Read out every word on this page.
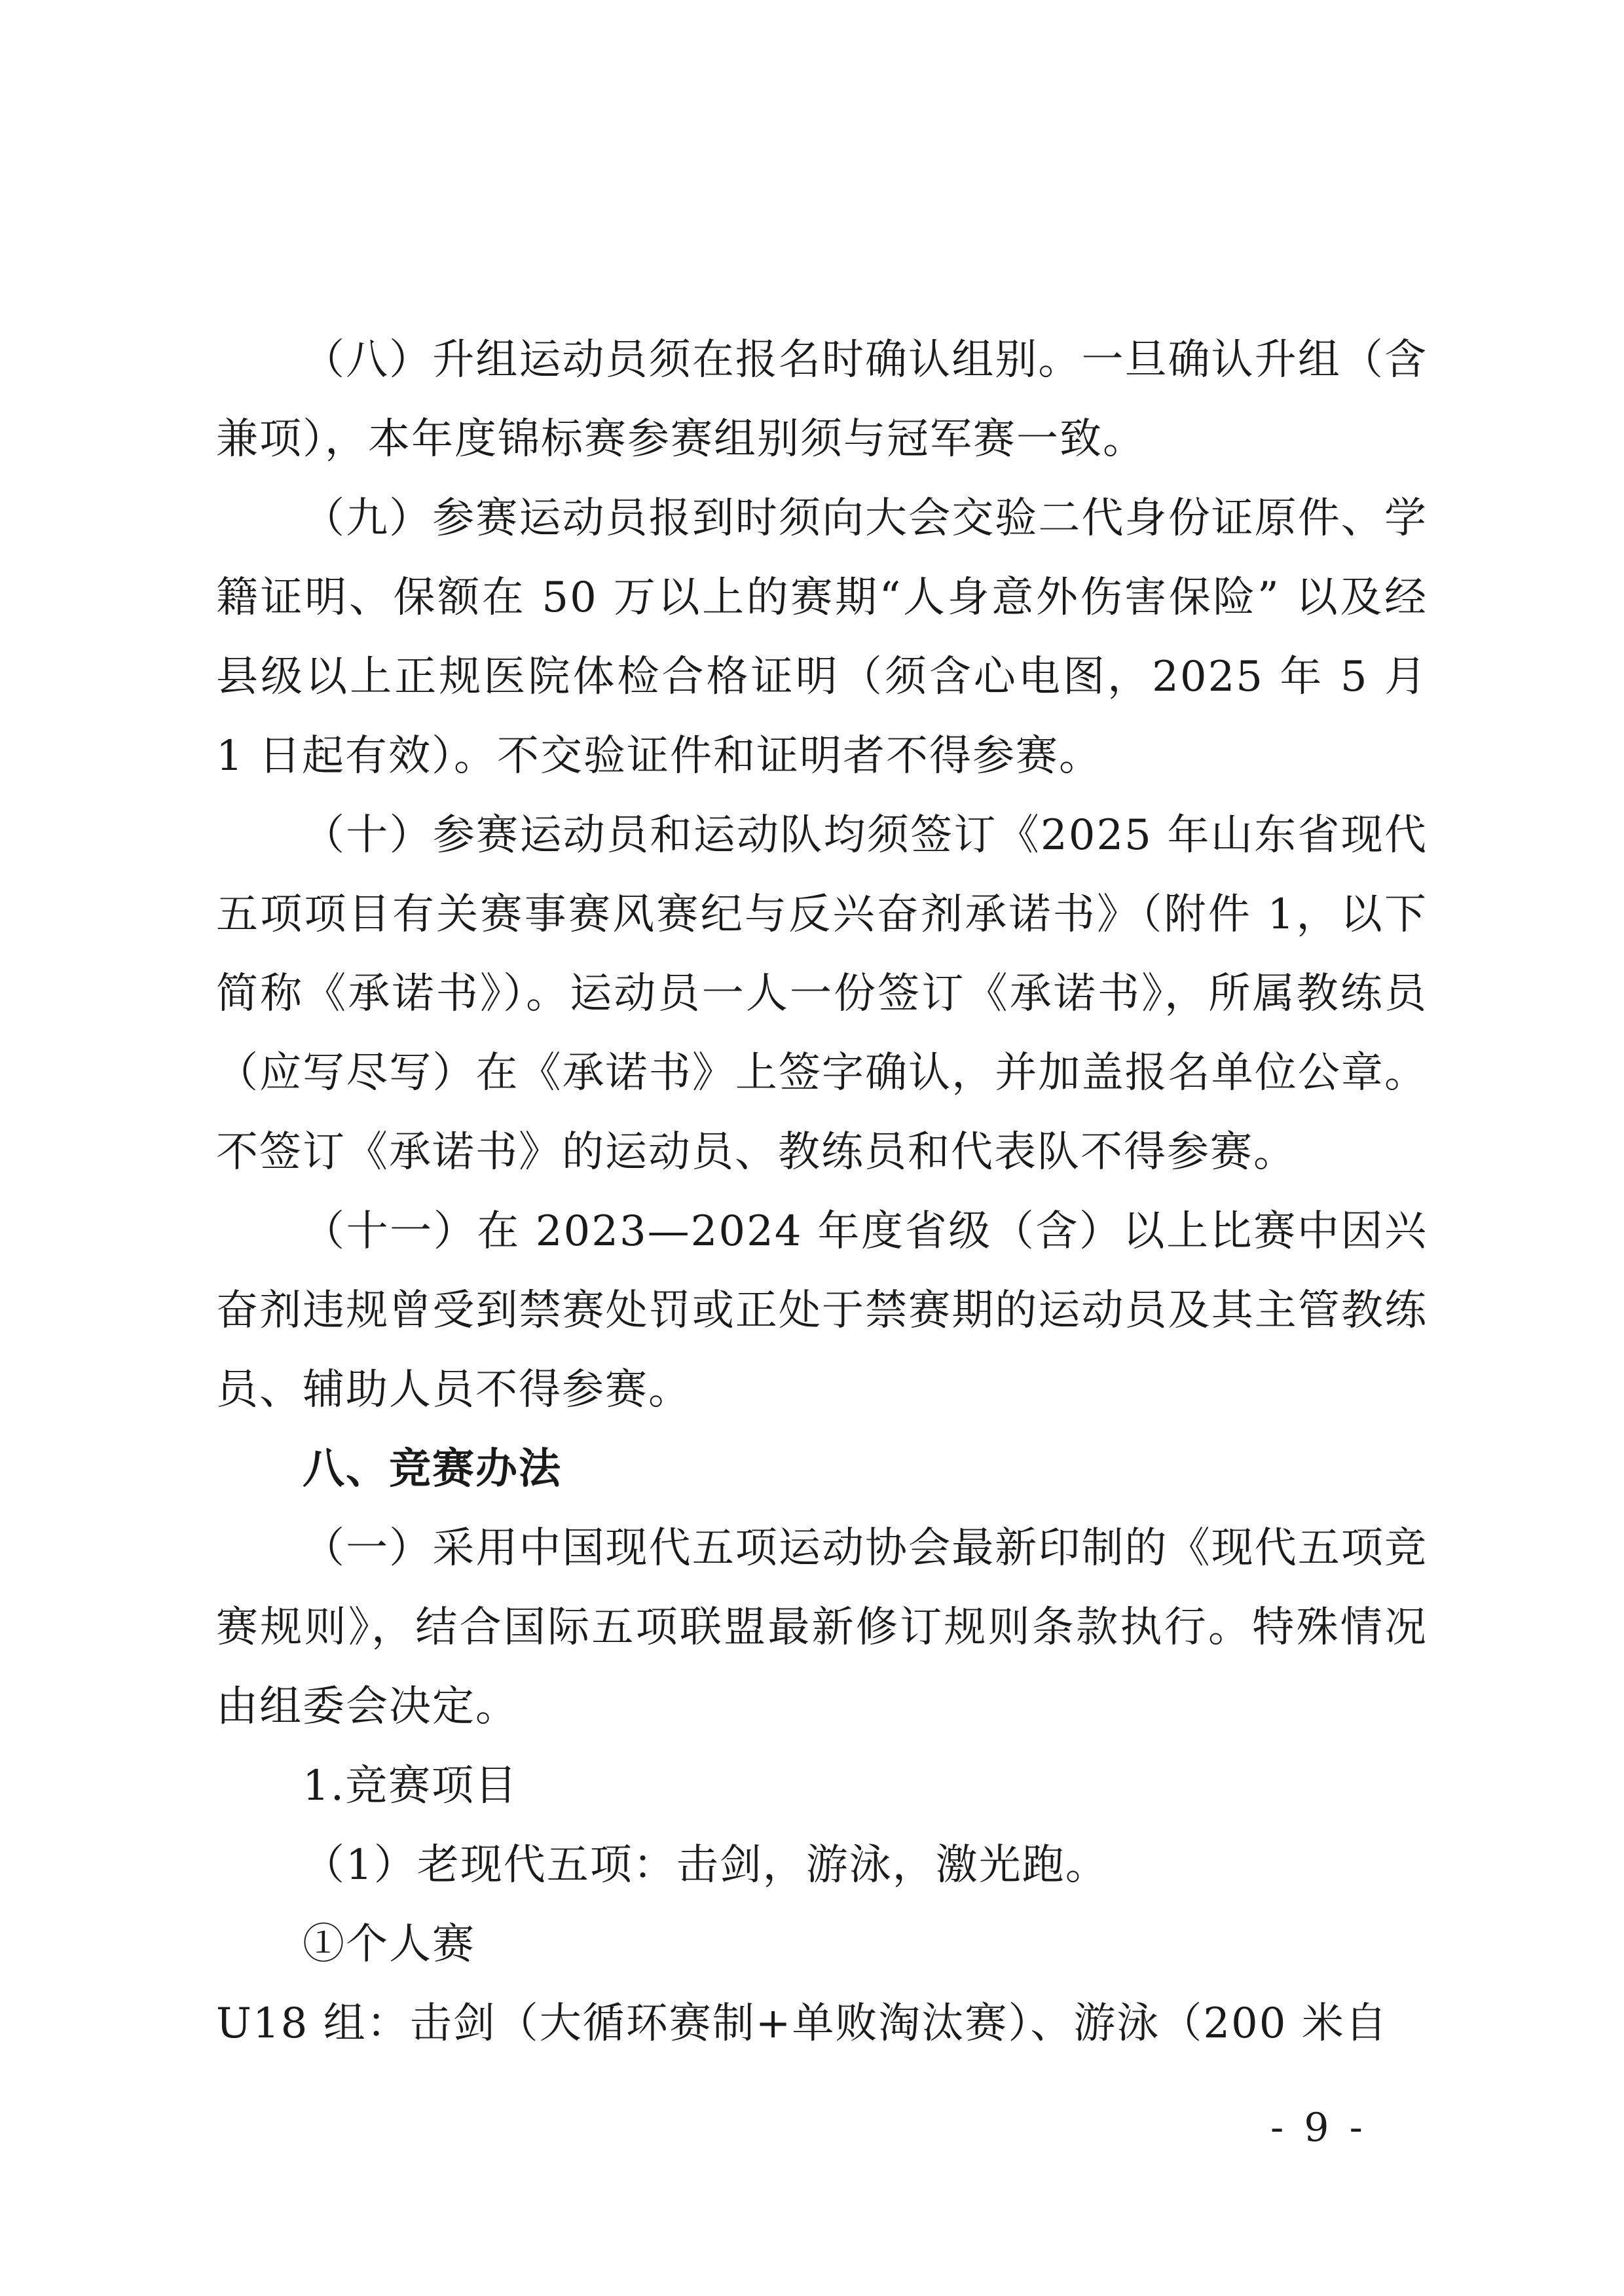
（八）升组运动员须在报名时确认组别。一旦确认升组（含兼项），本年度锦标赛参赛组别须与冠军赛一致。

（九）参赛运动员报到时须向大会交验二代身份证原件、学籍证明、保额在 50 万以上的赛期“人身意外伤害保险” 以及经县级以上正规医院体检合格证明（须含心电图，2025 年 5 月 1 日起有效）。不交验证件和证明者不得参赛。

（十）参赛运动员和运动队均须签订《2025 年山东省现代五项项目有关赛事赛风赛纪与反兴奋剂承诺书》（附件 1，以下简称《承诺书》）。运动员一人一份签订《承诺书》，所属教练员（应写尽写）在《承诺书》上签字确认，并加盖报名单位公章。不签订《承诺书》的运动员、教练员和代表队不得参赛。

（十一）在 2023—2024 年度省级（含）以上比赛中因兴奋剂违规曾受到禁赛处罚或正处于禁赛期的运动员及其主管教练员、辅助人员不得参赛。

八、竞赛办法

（一）采用中国现代五项运动协会最新印制的《现代五项竞赛规则》，结合国际五项联盟最新修订规则条款执行。特殊情况由组委会决定。

1.竞赛项目

（1）老现代五项：击剑，游泳，激光跑。

①个人赛

U18 组：击剑（大循环赛制+单败淘汰赛）、游泳（200 米自

- 9 -
